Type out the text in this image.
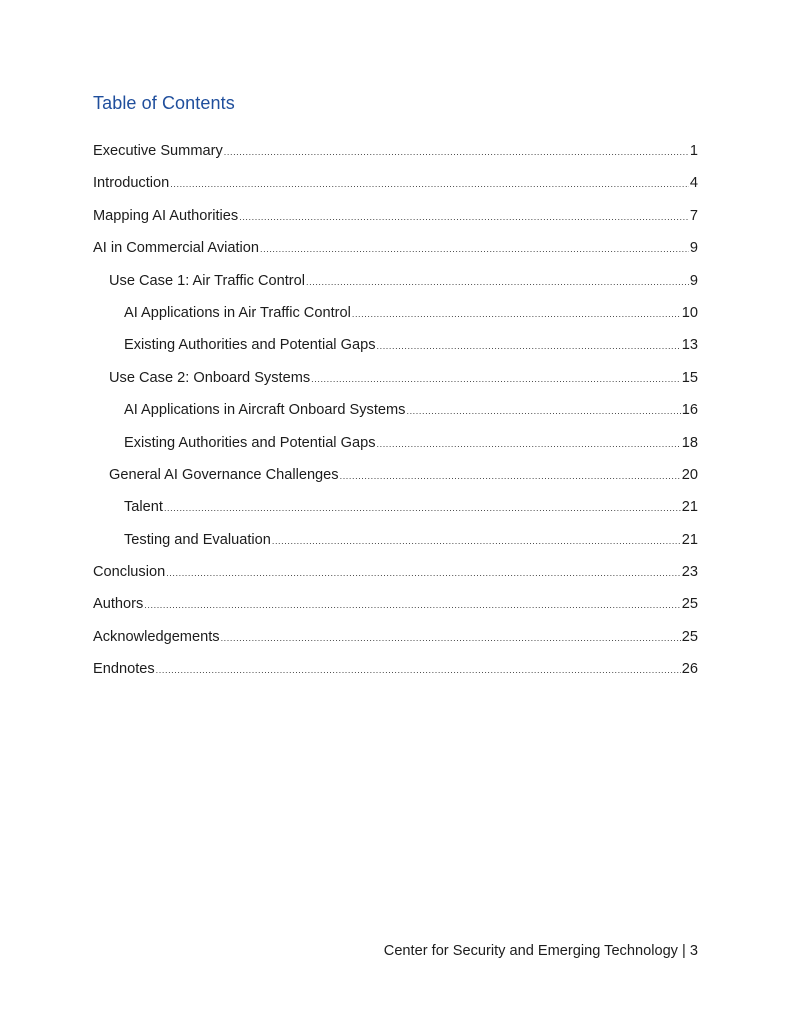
Table of Contents
Executive Summary .....	1
Introduction .....	4
Mapping AI Authorities .....	7
AI in Commercial Aviation .....	9
Use Case 1: Air Traffic Control .....	9
AI Applications in Air Traffic Control .....	10
Existing Authorities and Potential Gaps .....	13
Use Case 2: Onboard Systems .....	15
AI Applications in Aircraft Onboard Systems .....	16
Existing Authorities and Potential Gaps .....	18
General AI Governance Challenges .....	20
Talent .....	21
Testing and Evaluation .....	21
Conclusion .....	23
Authors .....	25
Acknowledgements .....	25
Endnotes .....	26
Center for Security and Emerging Technology | 3
